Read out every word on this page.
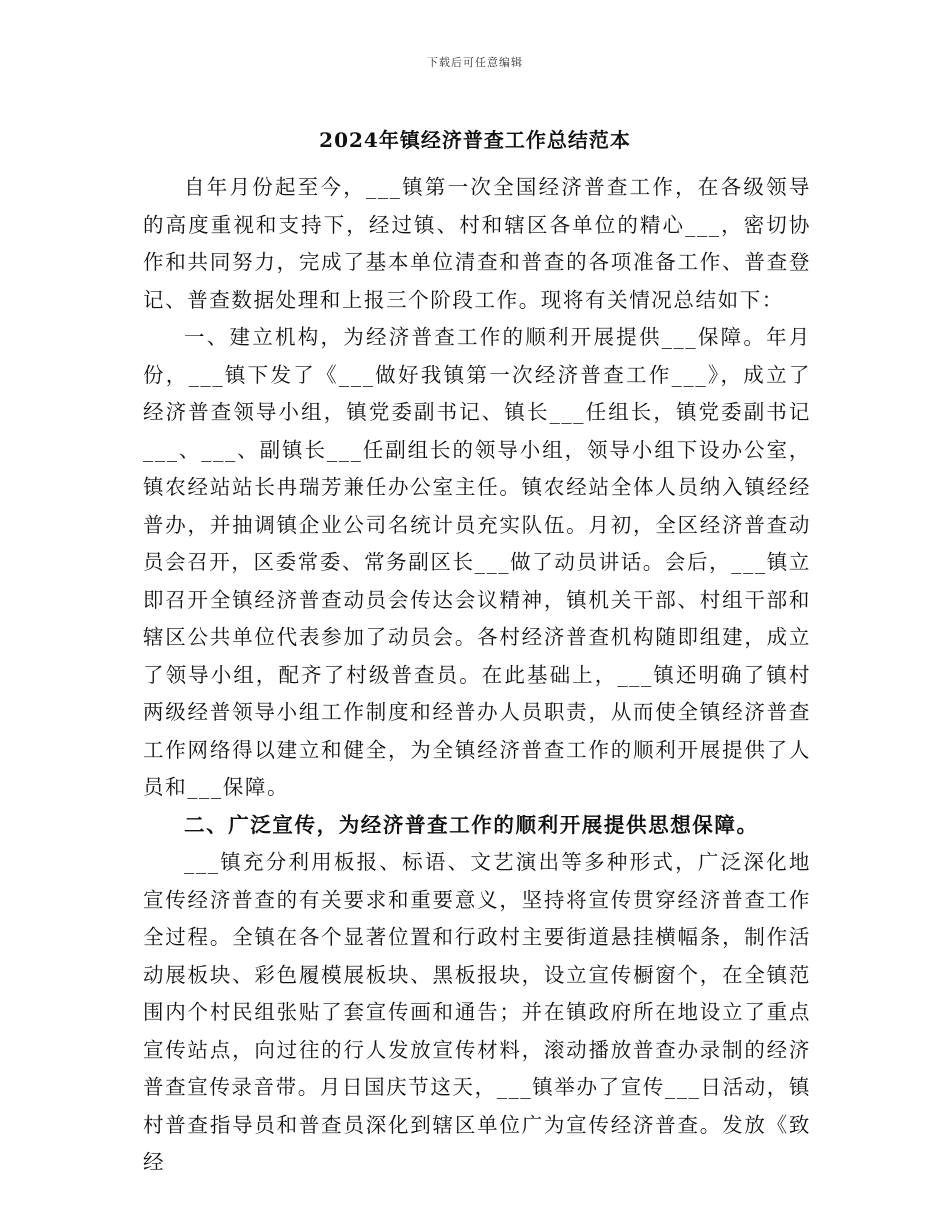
下载后可任意编辑
2024年镇经济普查工作总结范本

自年月份起至今，___镇第一次全国经济普查工作，在各级领导的高度重视和支持下，经过镇、村和辖区各单位的精心___，密切协作和共同努力，完成了基本单位清查和普查的各项准备工作、普查登记、普查数据处理和上报三个阶段工作。现将有关情况总结如下：

一、建立机构，为经济普查工作的顺利开展提供___保障。年月份，___镇下发了《___做好我镇第一次经济普查工作___》，成立了经济普查领导小组，镇党委副书记、镇长___任组长，镇党委副书记___、___、副镇长___任副组长的领导小组，领导小组下设办公室，镇农经站站长冉瑞芳兼任办公室主任。镇农经站全体人员纳入镇经经普办，并抽调镇企业公司名统计员充实队伍。月初，全区经济普查动员会召开，区委常委、常务副区长___做了动员讲话。会后，___镇立即召开全镇经济普查动员会传达会议精神，镇机关干部、村组干部和辖区公共单位代表参加了动员会。各村经济普查机构随即组建，成立了领导小组，配齐了村级普查员。在此基础上，___镇还明确了镇村两级经普领导小组工作制度和经普办人员职责，从而使全镇经济普查工作网络得以建立和健全，为全镇经济普查工作的顺利开展提供了人员和___保障。

二、广泛宣传，为经济普查工作的顺利开展提供思想保障。

___镇充分利用板报、标语、文艺演出等多种形式，广泛深化地宣传经济普查的有关要求和重要意义，坚持将宣传贯穿经济普查工作全过程。全镇在各个显著位置和行政村主要街道悬挂横幅条，制作活动展板块、彩色履模展板块、黑板报块，设立宣传橱窗个，在全镇范围内个村民组张贴了套宣传画和通告；并在镇政府所在地设立了重点宣传站点，向过往的行人发放宣传材料，滚动播放普查办录制的经济普查宣传录音带。月日国庆节这天，___镇举办了宣传___日活动，镇村普查指导员和普查员深化到辖区单位广为宣传经济普查。发放《致经
